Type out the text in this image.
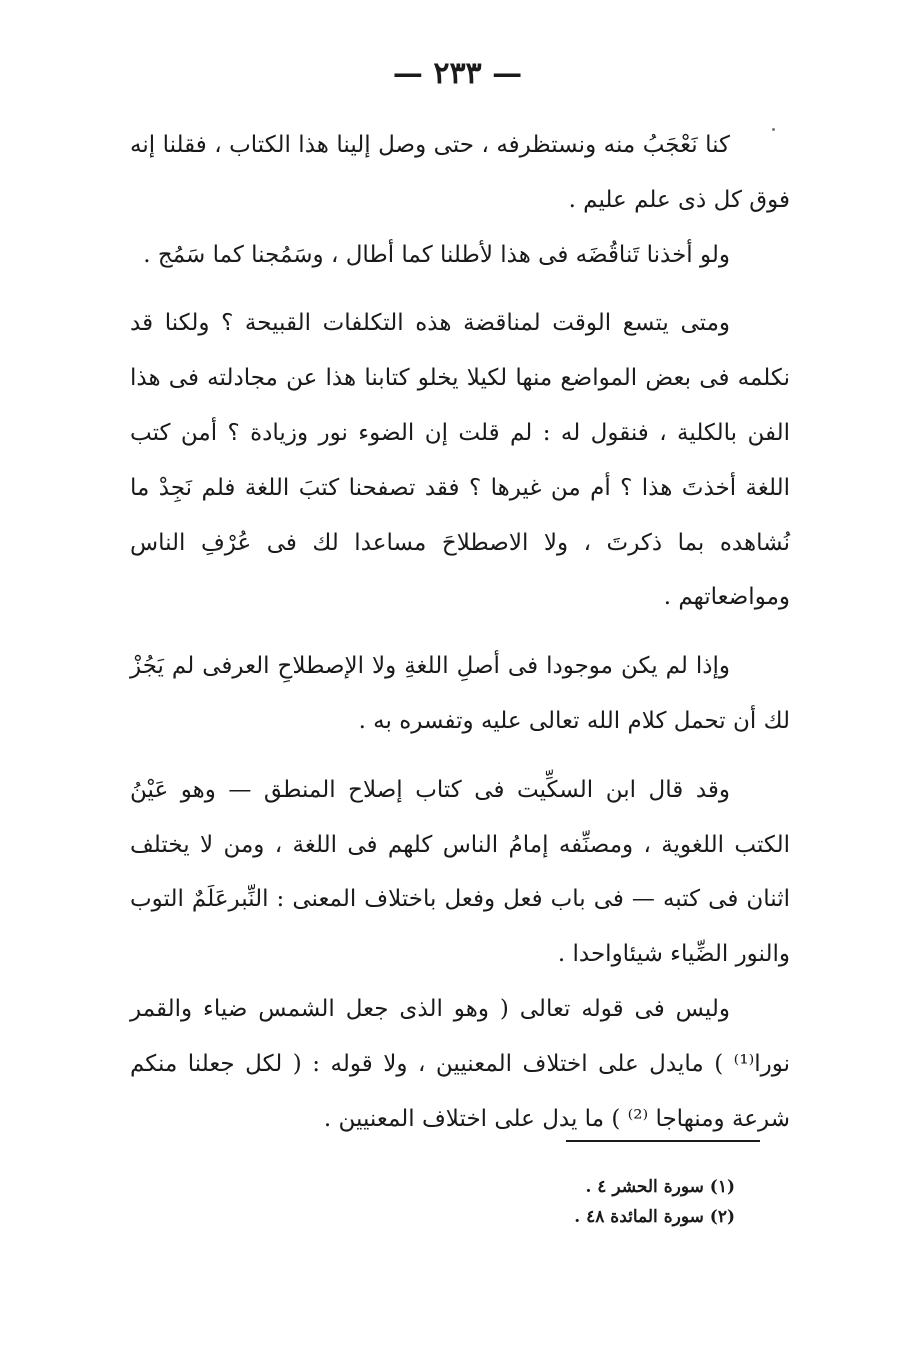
— ٢٣٣ —

كنا نَعْجَبُ منه ونستظرفه ، حتى وصل إلينا هذا الكتاب ، فقلنا إنه فوق كل ذى علم عليم .

ولو أخذنا تَناقُضَه فى هذا لأطلنا كما أطال ، وسَمُجنا كما سَمُج .

ومتى يتسع الوقت لمناقضة هذه التكلفات القبيحة ؟ ولكنا قد نكلمه فى بعض المواضع منها لكيلا يخلو كتابنا هذا عن مجادلته فى هذا الفن بالكلية ، فنقول له : لم قلت إن الضوء نور وزيادة ؟ أمن كتب اللغة أخذتَ هذا ؟ أم من غيرها ؟ فقد تصفحنا كتبَ اللغة فلم نَجِدْ ما نُشاهده بما ذكرتَ ، ولا الاصطلاحَ مساعدا لك فى عُرْفِ الناس ومواضعاتهم .

وإذا لم يكن موجودا فى أصلِ اللغةِ ولا الإصطلاحِ العرفى لم يَجُزْ لك أن تحمل كلام الله تعالى عليه وتفسره به .

وقد قال ابن السكِّيت فى كتاب إصلاح المنطق — وهو عَيْنُ الكتب اللغوية ، ومصنِّفه إمامُ الناس كلهم فى اللغة ، ومن لا يختلف اثنان فى كتبه — فى باب فعل وفعل باختلاف المعنى : النِّبرعَلَمٌ التوب والنور الضِّياء شيئاواحدا .

وليس فى قوله تعالى ( وهو الذى جعل الشمس ضياء والقمر نورا⁽¹⁾ ) مايدل على اختلاف المعنيين ، ولا قوله : ( لكل جعلنا منكم شرعة ومنهاجا ⁽²⁾ ) ما يدل على اختلاف المعنيين .

(١) سورة الحشر ٤ .
(٢) سورة المائدة ٤٨ .
